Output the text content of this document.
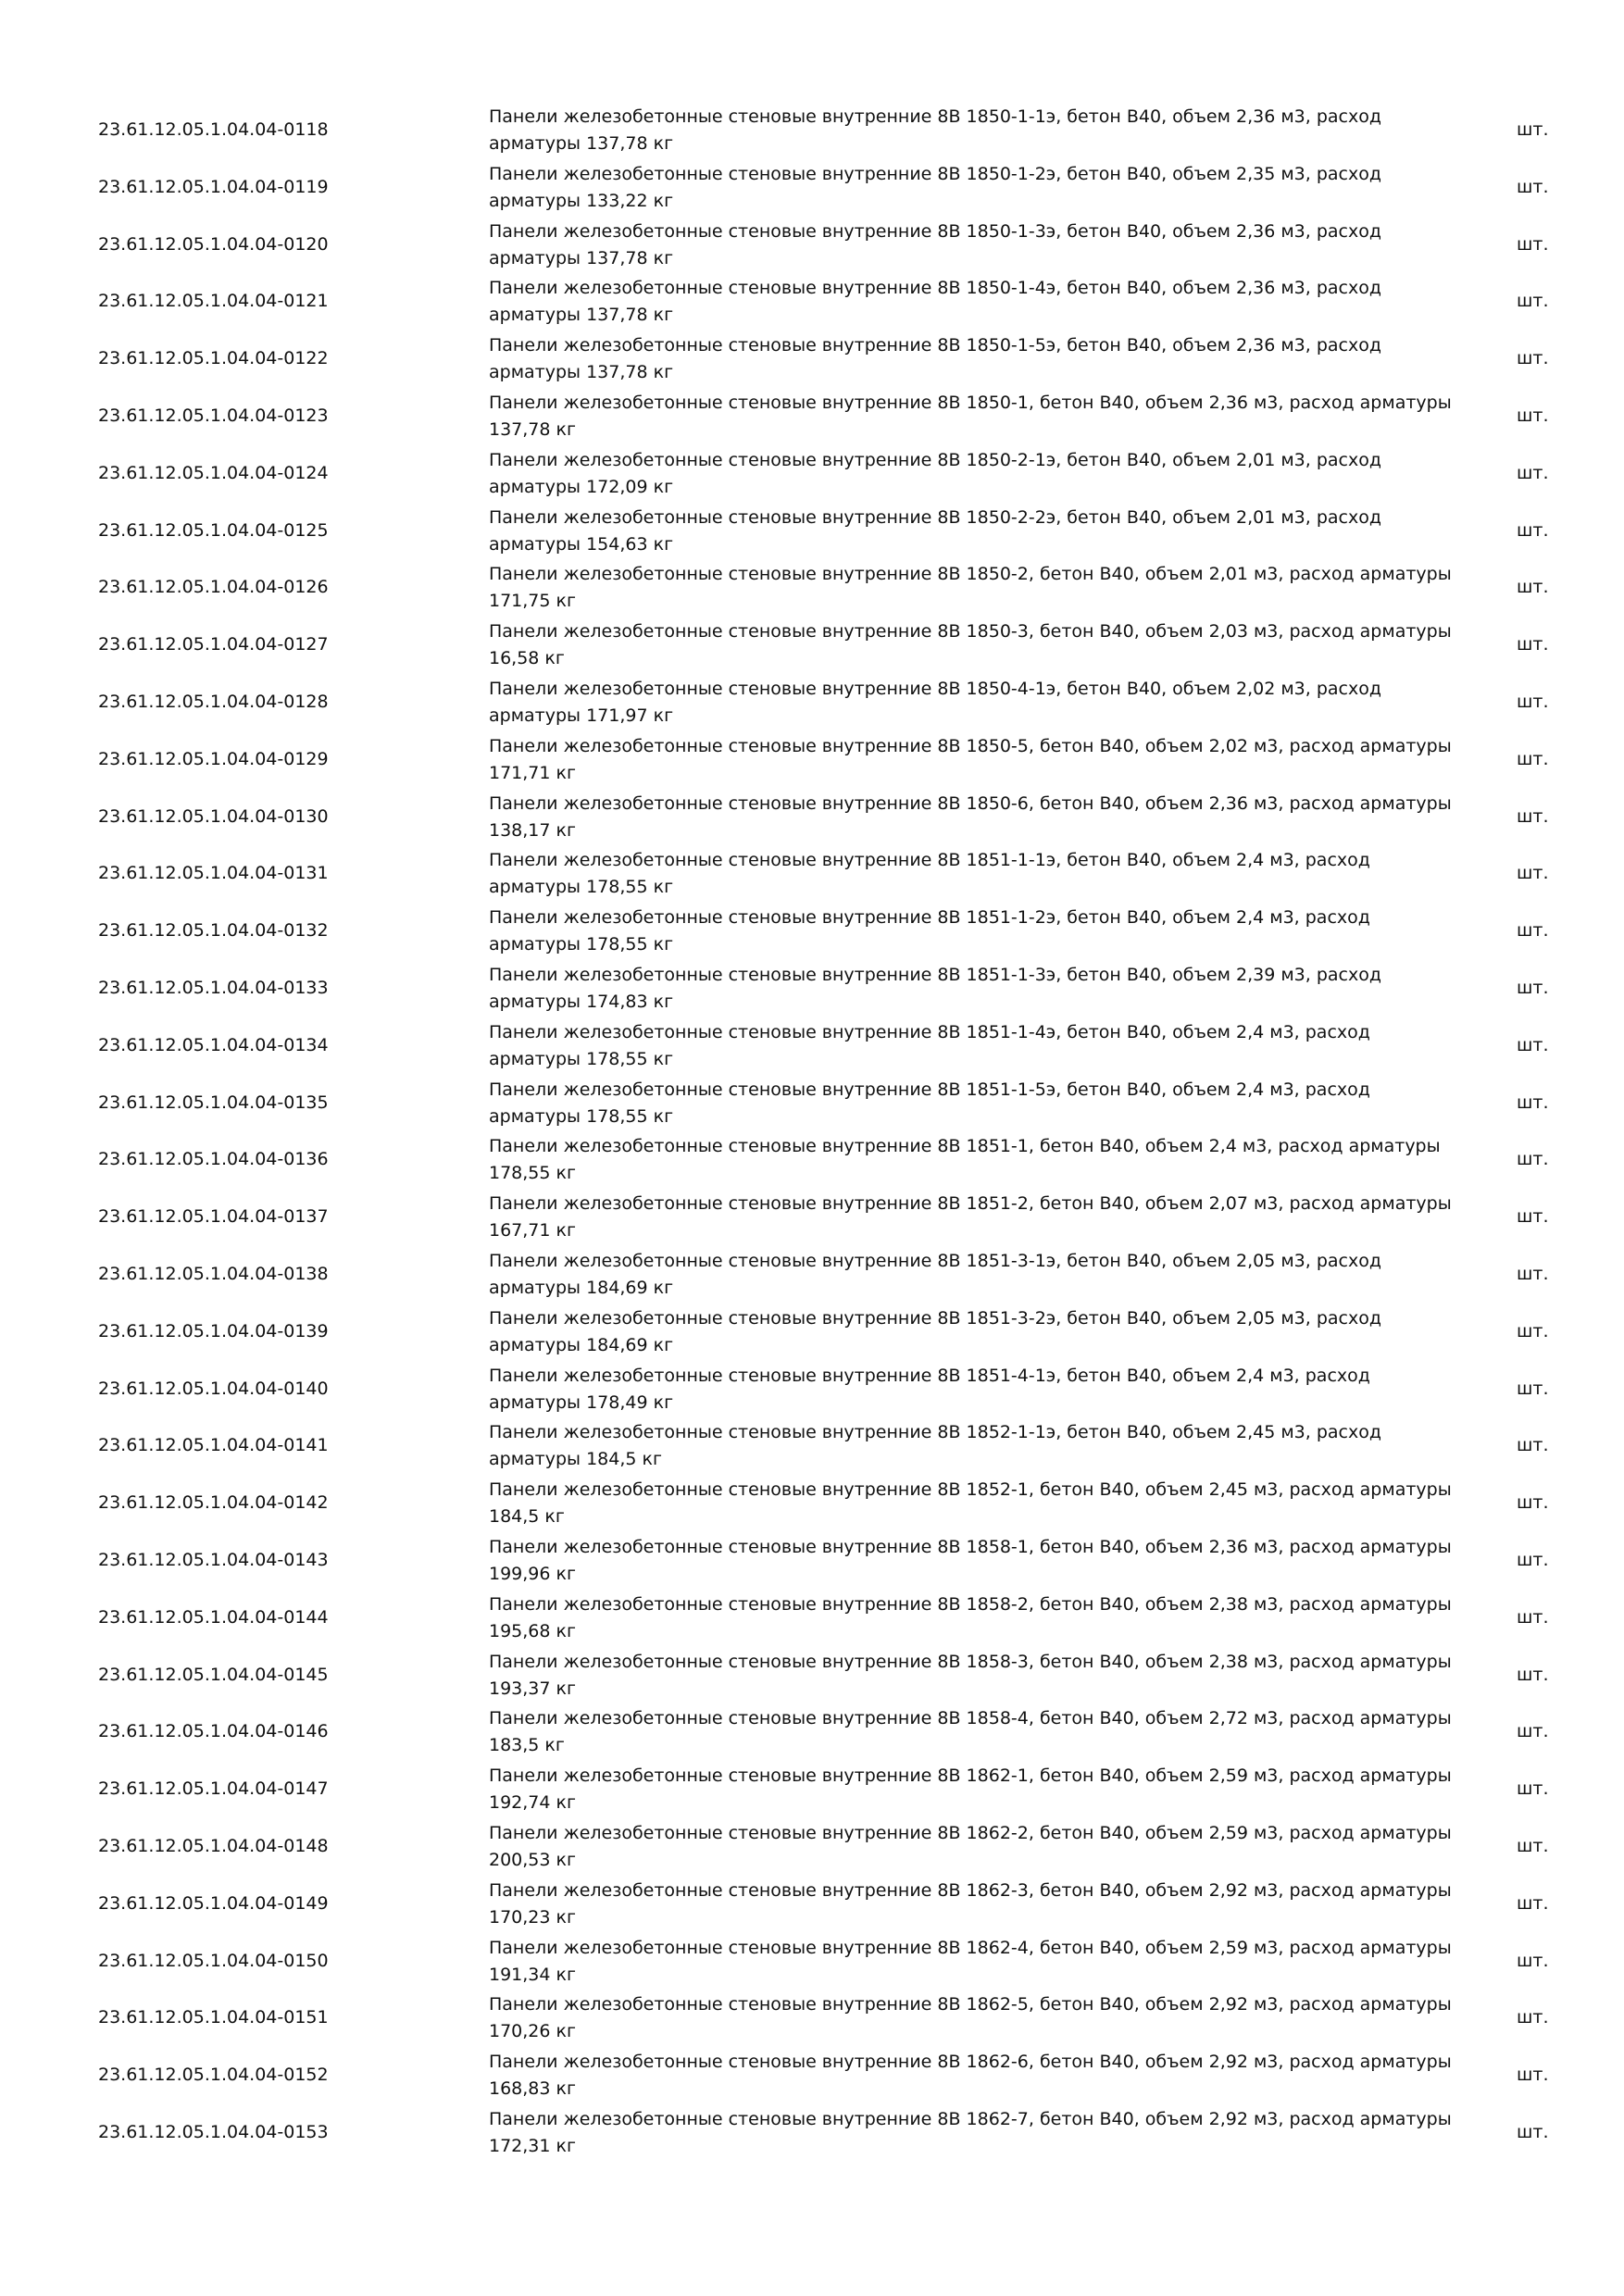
23.61.12.05.1.04.04-0118
Панели железобетонные стеновые внутренние 8В 1850-1-1э, бетон В40, объем 2,36 м3, расход арматуры 137,78 кг
шт.
23.61.12.05.1.04.04-0119
Панели железобетонные стеновые внутренние 8В 1850-1-2э, бетон В40, объем 2,35 м3, расход арматуры 133,22 кг
шт.
23.61.12.05.1.04.04-0120
Панели железобетонные стеновые внутренние 8В 1850-1-3э, бетон В40, объем 2,36 м3, расход арматуры 137,78 кг
шт.
23.61.12.05.1.04.04-0121
Панели железобетонные стеновые внутренние 8В 1850-1-4э, бетон В40, объем 2,36 м3, расход арматуры 137,78 кг
шт.
23.61.12.05.1.04.04-0122
Панели железобетонные стеновые внутренние 8В 1850-1-5э, бетон В40, объем 2,36 м3, расход арматуры 137,78 кг
шт.
23.61.12.05.1.04.04-0123
Панели железобетонные стеновые внутренние 8В 1850-1, бетон В40, объем 2,36 м3, расход арматуры 137,78 кг
шт.
23.61.12.05.1.04.04-0124
Панели железобетонные стеновые внутренние 8В 1850-2-1э, бетон В40, объем 2,01 м3, расход арматуры 172,09 кг
шт.
23.61.12.05.1.04.04-0125
Панели железобетонные стеновые внутренние 8В 1850-2-2э, бетон В40, объем 2,01 м3, расход арматуры 154,63 кг
шт.
23.61.12.05.1.04.04-0126
Панели железобетонные стеновые внутренние 8В 1850-2, бетон В40, объем 2,01 м3, расход арматуры 171,75 кг
шт.
23.61.12.05.1.04.04-0127
Панели железобетонные стеновые внутренние 8В 1850-3, бетон В40, объем 2,03 м3, расход арматуры 16,58 кг
шт.
23.61.12.05.1.04.04-0128
Панели железобетонные стеновые внутренние 8В 1850-4-1э, бетон В40, объем 2,02 м3, расход арматуры 171,97 кг
шт.
23.61.12.05.1.04.04-0129
Панели железобетонные стеновые внутренние 8В 1850-5, бетон В40, объем 2,02 м3, расход арматуры 171,71 кг
шт.
23.61.12.05.1.04.04-0130
Панели железобетонные стеновые внутренние 8В 1850-6, бетон В40, объем 2,36 м3, расход арматуры 138,17 кг
шт.
23.61.12.05.1.04.04-0131
Панели железобетонные стеновые внутренние 8В 1851-1-1э, бетон В40, объем 2,4 м3, расход арматуры 178,55 кг
шт.
23.61.12.05.1.04.04-0132
Панели железобетонные стеновые внутренние 8В 1851-1-2э, бетон В40, объем 2,4 м3, расход арматуры 178,55 кг
шт.
23.61.12.05.1.04.04-0133
Панели железобетонные стеновые внутренние 8В 1851-1-3э, бетон В40, объем 2,39 м3, расход арматуры 174,83 кг
шт.
23.61.12.05.1.04.04-0134
Панели железобетонные стеновые внутренние 8В 1851-1-4э, бетон В40, объем 2,4 м3, расход арматуры 178,55 кг
шт.
23.61.12.05.1.04.04-0135
Панели железобетонные стеновые внутренние 8В 1851-1-5э, бетон В40, объем 2,4 м3, расход арматуры 178,55 кг
шт.
23.61.12.05.1.04.04-0136
Панели железобетонные стеновые внутренние 8В 1851-1, бетон В40, объем 2,4 м3, расход арматуры 178,55 кг
шт.
23.61.12.05.1.04.04-0137
Панели железобетонные стеновые внутренние 8В 1851-2, бетон В40, объем 2,07 м3, расход арматуры 167,71 кг
шт.
23.61.12.05.1.04.04-0138
Панели железобетонные стеновые внутренние 8В 1851-3-1э, бетон В40, объем 2,05 м3, расход арматуры 184,69 кг
шт.
23.61.12.05.1.04.04-0139
Панели железобетонные стеновые внутренние 8В 1851-3-2э, бетон В40, объем 2,05 м3, расход арматуры 184,69 кг
шт.
23.61.12.05.1.04.04-0140
Панели железобетонные стеновые внутренние 8В 1851-4-1э, бетон В40, объем 2,4 м3, расход арматуры 178,49 кг
шт.
23.61.12.05.1.04.04-0141
Панели железобетонные стеновые внутренние 8В 1852-1-1э, бетон В40, объем 2,45 м3, расход арматуры 184,5 кг
шт.
23.61.12.05.1.04.04-0142
Панели железобетонные стеновые внутренние 8В 1852-1, бетон В40, объем 2,45 м3, расход арматуры 184,5 кг
шт.
23.61.12.05.1.04.04-0143
Панели железобетонные стеновые внутренние 8В 1858-1, бетон В40, объем 2,36 м3, расход арматуры 199,96 кг
шт.
23.61.12.05.1.04.04-0144
Панели железобетонные стеновые внутренние 8В 1858-2, бетон В40, объем 2,38 м3, расход арматуры 195,68 кг
шт.
23.61.12.05.1.04.04-0145
Панели железобетонные стеновые внутренние 8В 1858-3, бетон В40, объем 2,38 м3, расход арматуры 193,37 кг
шт.
23.61.12.05.1.04.04-0146
Панели железобетонные стеновые внутренние 8В 1858-4, бетон В40, объем 2,72 м3, расход арматуры 183,5 кг
шт.
23.61.12.05.1.04.04-0147
Панели железобетонные стеновые внутренние 8В 1862-1, бетон В40, объем 2,59 м3, расход арматуры 192,74 кг
шт.
23.61.12.05.1.04.04-0148
Панели железобетонные стеновые внутренние 8В 1862-2, бетон В40, объем 2,59 м3, расход арматуры 200,53 кг
шт.
23.61.12.05.1.04.04-0149
Панели железобетонные стеновые внутренние 8В 1862-3, бетон В40, объем 2,92 м3, расход арматуры 170,23 кг
шт.
23.61.12.05.1.04.04-0150
Панели железобетонные стеновые внутренние 8В 1862-4, бетон В40, объем 2,59 м3, расход арматуры 191,34 кг
шт.
23.61.12.05.1.04.04-0151
Панели железобетонные стеновые внутренние 8В 1862-5, бетон В40, объем 2,92 м3, расход арматуры 170,26 кг
шт.
23.61.12.05.1.04.04-0152
Панели железобетонные стеновые внутренние 8В 1862-6, бетон В40, объем 2,92 м3, расход арматуры 168,83 кг
шт.
23.61.12.05.1.04.04-0153
Панели железобетонные стеновые внутренние 8В 1862-7, бетон В40, объем 2,92 м3, расход арматуры 172,31 кг
шт.
